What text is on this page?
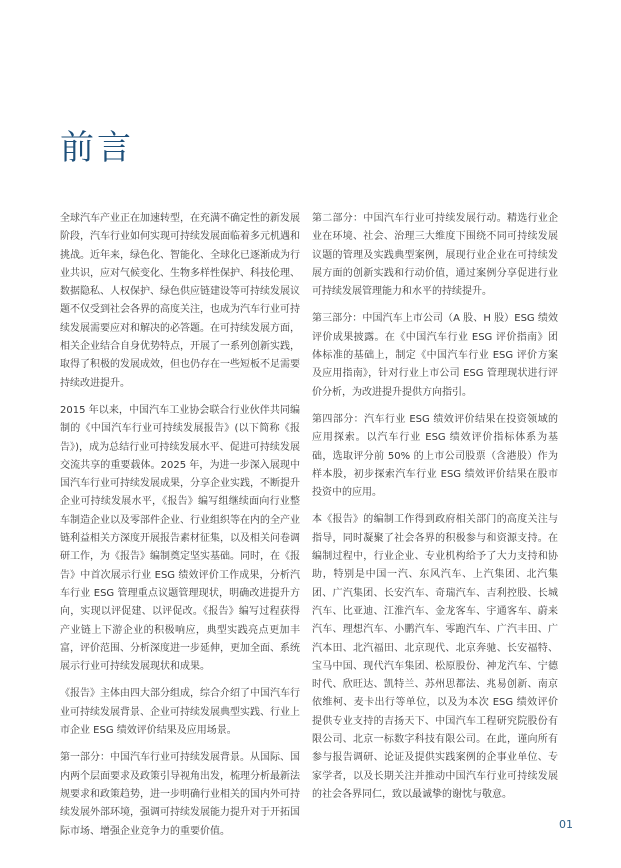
前言

全球汽车产业正在加速转型，在充满不确定性的新发展阶段，汽车行业如何实现可持续发展面临着多元机遇和挑战。近年来，绿色化、智能化、全球化已逐渐成为行业共识，应对气候变化、生物多样性保护、科技伦理、数据隐私、人权保护、绿色供应链建设等可持续发展议题不仅受到社会各界的高度关注，也成为汽车行业可持续发展需要应对和解决的必答题。在可持续发展方面，相关企业结合自身优势特点，开展了一系列创新实践，取得了积极的发展成效，但也仍存在一些短板不足需要持续改进提升。

2015 年以来，中国汽车工业协会联合行业伙伴共同编制的《中国汽车行业可持续发展报告》(以下简称《报告》)，成为总结行业可持续发展水平、促进可持续发展交流共享的重要载体。2025 年，为进一步深入展现中国汽车行业可持续发展成果，分享企业实践，不断提升企业可持续发展水平，《报告》编写组继续面向行业整车制造企业以及零部件企业、行业组织等在内的全产业链利益相关方深度开展报告素材征集，以及相关问卷调研工作，为《报告》编制奠定坚实基础。同时，在《报告》中首次展示行业 ESG 绩效评价工作成果，分析汽车行业 ESG 管理重点议题管理现状，明确改进提升方向，实现以评促建、以评促改。《报告》编写过程获得产业链上下游企业的积极响应，典型实践亮点更加丰富，评价范围、分析深度进一步延伸，更加全面、系统展示行业可持续发展现状和成果。

《报告》主体由四大部分组成，综合介绍了中国汽车行业可持续发展背景、企业可持续发展典型实践、行业上市企业 ESG 绩效评价结果及应用场景。

第一部分：中国汽车行业可持续发展背景。从国际、国内两个层面要求及政策引导视角出发，梳理分析最新法规要求和政策趋势，进一步明确行业相关的国内外可持续发展外部环境，强调可持续发展能力提升对于开拓国际市场、增强企业竞争力的重要价值。

第二部分：中国汽车行业可持续发展行动。精选行业企业在环境、社会、治理三大维度下围绕不同可持续发展议题的管理及实践典型案例，展现行业企业在可持续发展方面的创新实践和行动价值，通过案例分享促进行业可持续发展管理能力和水平的持续提升。

第三部分：中国汽车上市公司（A 股、H 股）ESG 绩效评价成果披露。在《中国汽车行业 ESG 评价指南》团体标准的基础上，制定《中国汽车行业 ESG 评价方案及应用指南》，针对行业上市公司 ESG 管理现状进行评价分析，为改进提升提供方向指引。

第四部分：汽车行业 ESG 绩效评价结果在投资领域的应用探索。以汽车行业 ESG 绩效评价指标体系为基础，选取评分前 50% 的上市公司股票（含港股）作为样本股，初步探索汽车行业 ESG 绩效评价结果在股市投资中的应用。

本《报告》的编制工作得到政府相关部门的高度关注与指导，同时凝聚了社会各界的积极参与和资源支持。在编制过程中，行业企业、专业机构给予了大力支持和协助，特别是中国一汽、东风汽车、上汽集团、北汽集团、广汽集团、长安汽车、奇瑞汽车、吉利控股、长城汽车、比亚迪、江淮汽车、金龙客车、宇通客车、蔚来汽车、理想汽车、小鹏汽车、零跑汽车、广汽丰田、广汽本田、北汽福田、北京现代、北京奔驰、长安福特、宝马中国、现代汽车集团、松原股份、神龙汽车、宁德时代、欣旺达、凯特兰、苏州思都法、兆易创新、南京依维柯、麦卡出行等单位，以及为本次 ESG 绩效评价提供专业支持的吉扬天下、中国汽车工程研究院股份有限公司、北京一标数字科技有限公司。在此，谨向所有参与报告调研、论证及提供实践案例的企事业单位、专家学者，以及长期关注并推动中国汽车行业可持续发展的社会各界同仁，致以最诚挚的谢忱与敬意。

01
